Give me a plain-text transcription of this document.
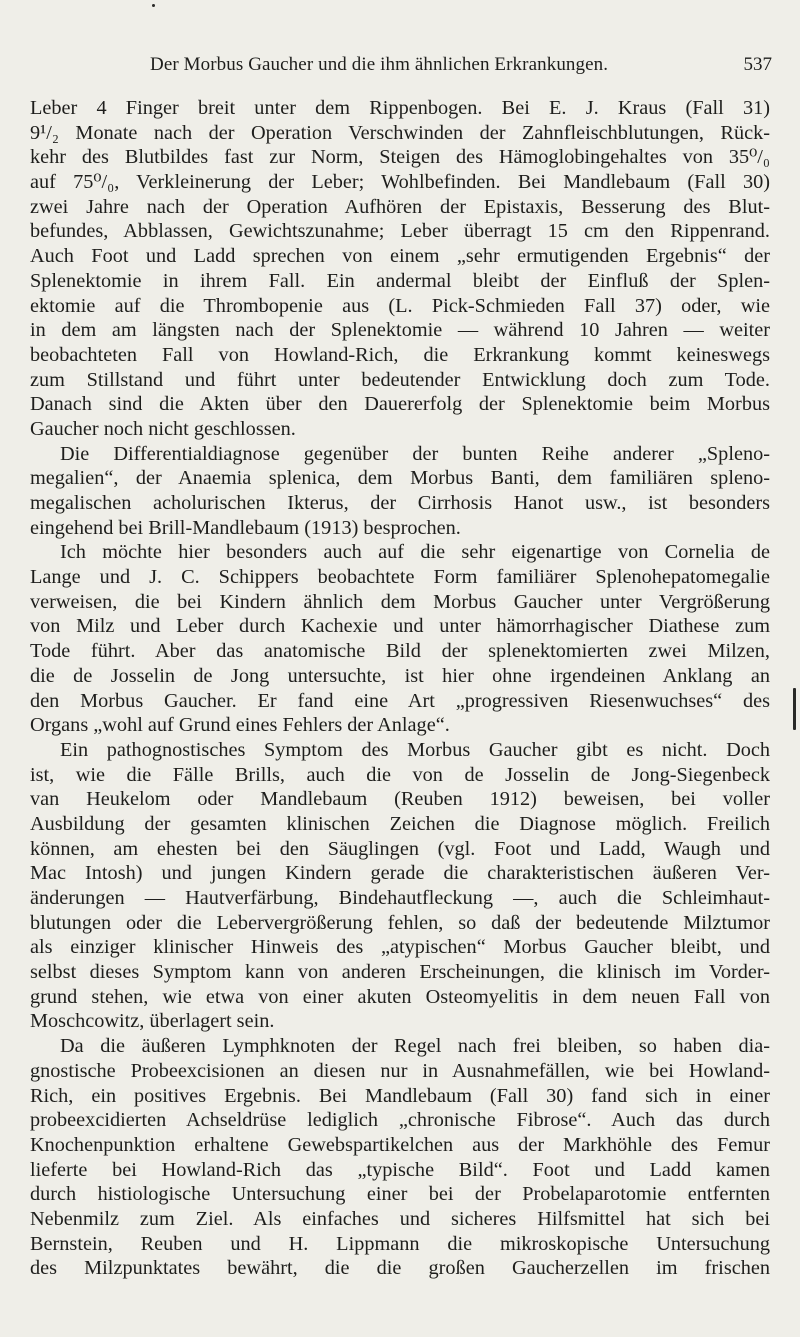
Der Morbus Gaucher und die ihm ähnlichen Erkrankungen.	537
Leber 4 Finger breit unter dem Rippenbogen. Bei E. J. Kraus (Fall 31)
9¹/₂ Monate nach der Operation Verschwinden der Zahnfleischblutungen, Rück-
kehr des Blutbildes fast zur Norm, Steigen des Hämoglobingehaltes von 35⁰/₀
auf 75⁰/₀, Verkleinerung der Leber; Wohlbefinden. Bei Mandlebaum (Fall 30)
zwei Jahre nach der Operation Aufhören der Epistaxis, Besserung des Blut-
befundes, Abblassen, Gewichtszunahme; Leber überragt 15 cm den Rippenrand.
Auch Foot und Ladd sprechen von einem „sehr ermutigenden Ergebnis“ der
Splenektomie in ihrem Fall. Ein andermal bleibt der Einfluß der Splen-
ektomie auf die Thrombopenie aus (L. Pick-Schmieden Fall 37) oder, wie
in dem am längsten nach der Splenektomie — während 10 Jahren — weiter
beobachteten Fall von Howland-Rich, die Erkrankung kommt keineswegs
zum Stillstand und führt unter bedeutender Entwicklung doch zum Tode.
Danach sind die Akten über den Dauererfolg der Splenektomie beim Morbus
Gaucher noch nicht geschlossen.
Die Differentialdiagnose gegenüber der bunten Reihe anderer „Spleno-
megalien“, der Anaemia splenica, dem Morbus Banti, dem familiären spleno-
megalischen acholurischen Ikterus, der Cirrhosis Hanot usw., ist besonders
eingehend bei Brill-Mandlebaum (1913) besprochen.
Ich möchte hier besonders auch auf die sehr eigenartige von Cornelia de
Lange und J. C. Schippers beobachtete Form familiärer Splenohepatomegalie
verweisen, die bei Kindern ähnlich dem Morbus Gaucher unter Vergrößerung
von Milz und Leber durch Kachexie und unter hämorrhagischer Diathese zum
Tode führt. Aber das anatomische Bild der splenektomierten zwei Milzen,
die de Josselin de Jong untersuchte, ist hier ohne irgendeinen Anklang an
den Morbus Gaucher. Er fand eine Art „progressiven Riesenwuchses“ des
Organs „wohl auf Grund eines Fehlers der Anlage“.
Ein pathognostisches Symptom des Morbus Gaucher gibt es nicht. Doch
ist, wie die Fälle Brills, auch die von de Josselin de Jong-Siegenbeck
van Heukelom oder Mandlebaum (Reuben 1912) beweisen, bei voller
Ausbildung der gesamten klinischen Zeichen die Diagnose möglich. Freilich
können, am ehesten bei den Säuglingen (vgl. Foot und Ladd, Waugh und
Mac Intosh) und jungen Kindern gerade die charakteristischen äußeren Ver-
änderungen — Hautverfärbung, Bindehautfleckung —, auch die Schleimhaut-
blutungen oder die Lebervergrößerung fehlen, so daß der bedeutende Milztumor
als einziger klinischer Hinweis des „atypischen“ Morbus Gaucher bleibt, und
selbst dieses Symptom kann von anderen Erscheinungen, die klinisch im Vorder-
grund stehen, wie etwa von einer akuten Osteomyelitis in dem neuen Fall von
Moschcowitz, überlagert sein.
Da die äußeren Lymphknoten der Regel nach frei bleiben, so haben dia-
gnostische Probeexcisionen an diesen nur in Ausnahmefällen, wie bei Howland-
Rich, ein positives Ergebnis. Bei Mandlebaum (Fall 30) fand sich in einer
probeexcidierten Achseldrüse lediglich „chronische Fibrose“. Auch das durch
Knochenpunktion erhaltene Gewebspartikelchen aus der Markhöhle des Femur
lieferte bei Howland-Rich das „typische Bild“. Foot und Ladd kamen
durch histiologische Untersuchung einer bei der Probelaparotomie entfernten
Nebenmilz zum Ziel. Als einfaches und sicheres Hilfsmittel hat sich bei
Bernstein, Reuben und H. Lippmann die mikroskopische Untersuchung
des Milzpunktates bewährt, die die großen Gaucherzellen im frischen
